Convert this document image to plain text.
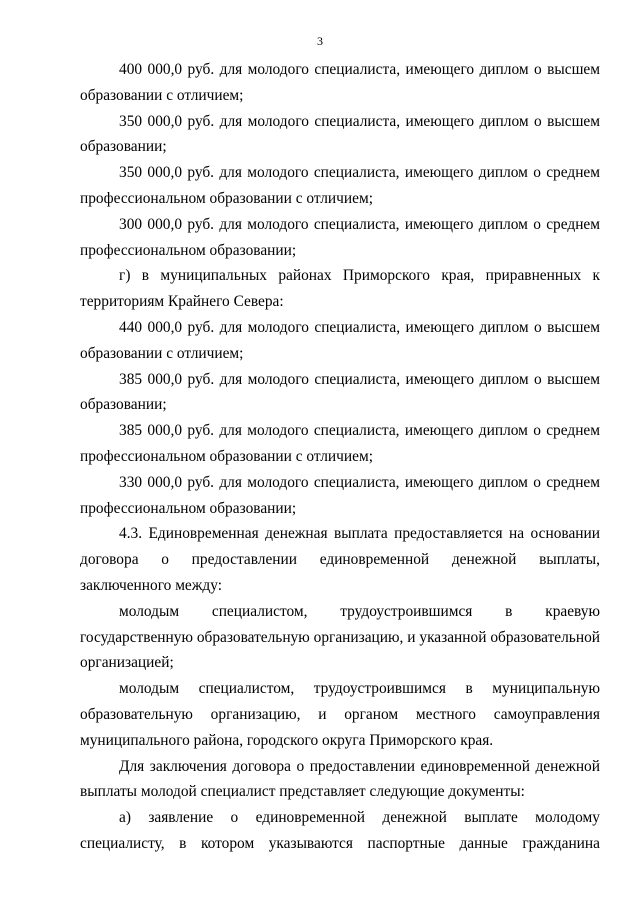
3

400 000,0 руб. для молодого специалиста, имеющего диплом о высшем образовании с отличием;

350 000,0 руб. для молодого специалиста, имеющего диплом о высшем образовании;

350 000,0 руб. для молодого специалиста, имеющего диплом о среднем профессиональном образовании с отличием;

300 000,0 руб. для молодого специалиста, имеющего диплом о среднем профессиональном образовании;

г) в муниципальных районах Приморского края, приравненных к территориям Крайнего Севера:

440 000,0 руб. для молодого специалиста, имеющего диплом о высшем образовании с отличием;

385 000,0 руб. для молодого специалиста, имеющего диплом о высшем образовании;

385 000,0 руб. для молодого специалиста, имеющего диплом о среднем профессиональном образовании с отличием;

330 000,0 руб. для молодого специалиста, имеющего диплом о среднем профессиональном образовании;

4.3. Единовременная денежная выплата предоставляется на основании договора о предоставлении единовременной денежной выплаты, заключенного между:

молодым специалистом, трудоустроившимся в краевую государственную образовательную организацию, и указанной образовательной организацией;

молодым специалистом, трудоустроившимся в муниципальную образовательную организацию, и органом местного самоуправления муниципального района, городского округа Приморского края.

Для заключения договора о предоставлении единовременной денежной выплаты молодой специалист представляет следующие документы:

а) заявление о единовременной денежной выплате молодому специалисту, в котором указываются паспортные данные гражданина
